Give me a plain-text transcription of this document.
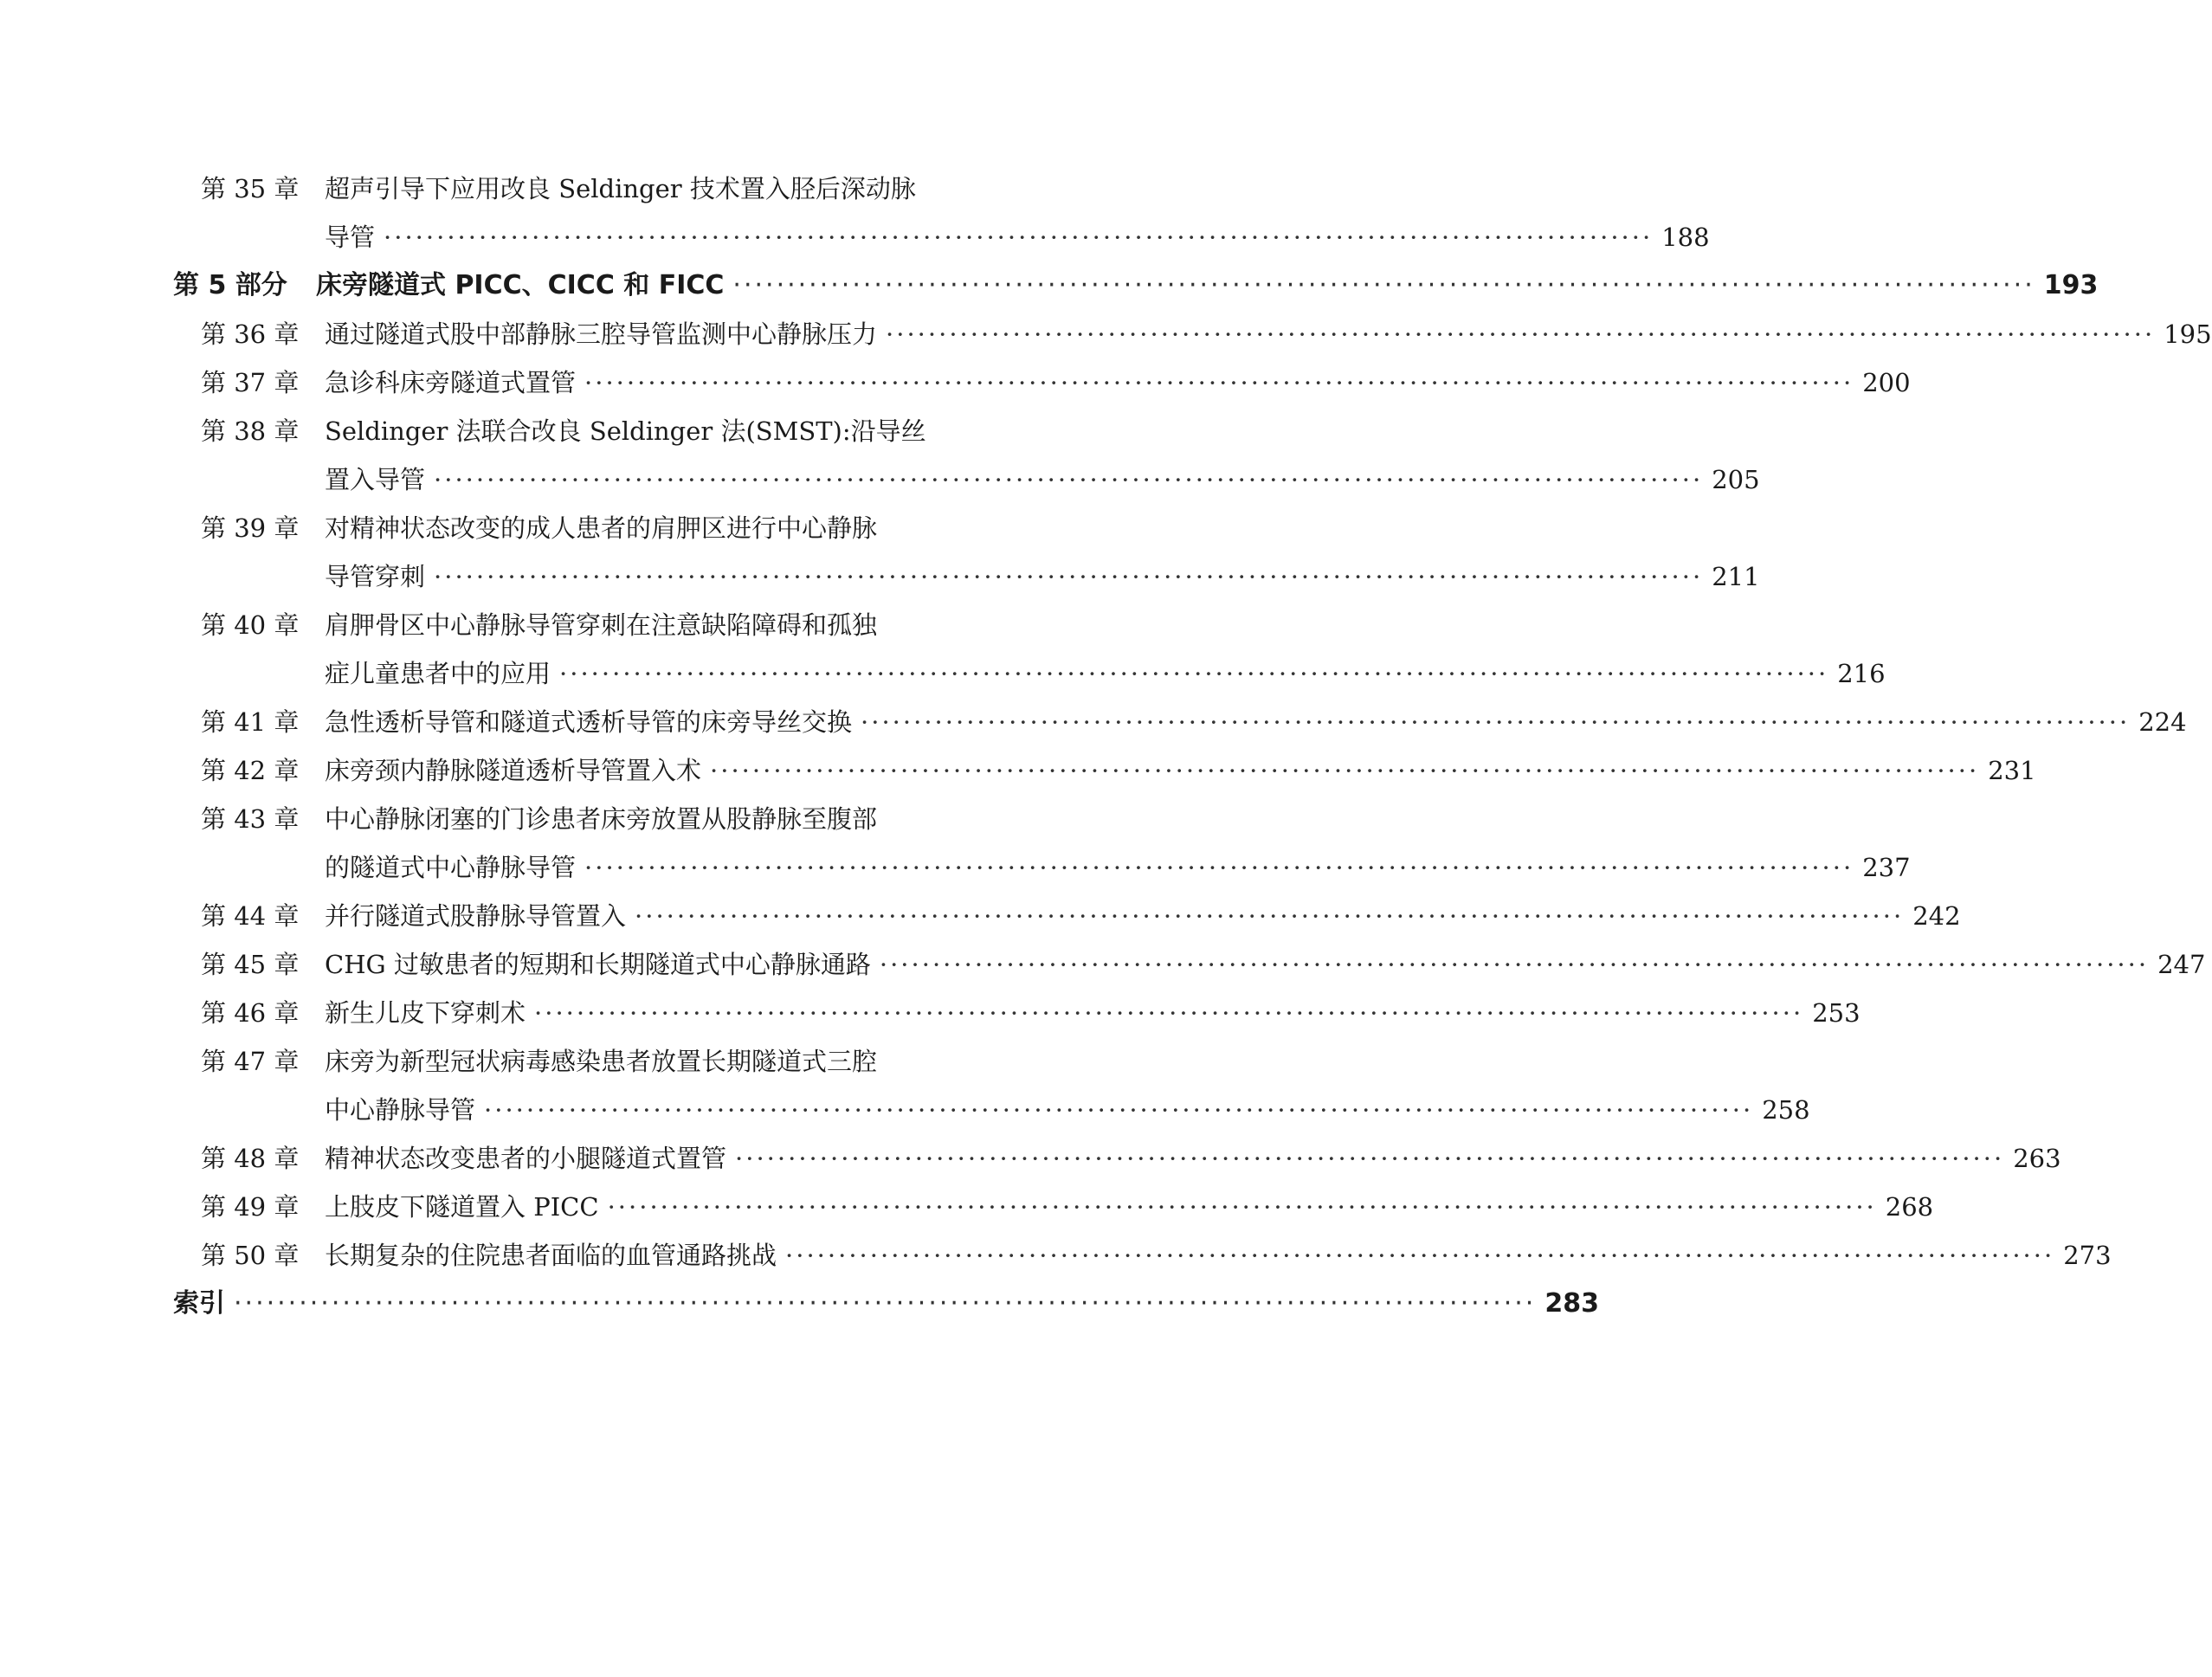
第 35 章	超声引导下应用改良 Seldinger 技术置入胫后深动脉
导管 ························································································································ 188
第 5 部分	床旁隧道式 PICC、CICC 和 FICC ························································································································ 193
第 36 章	通过隧道式股中部静脉三腔导管监测中心静脉压力 ························································································································ 195
第 37 章	急诊科床旁隧道式置管 ························································································································ 200
第 38 章	Seldinger 法联合改良 Seldinger 法(SMST):沿导丝
置入导管 ························································································································ 205
第 39 章	对精神状态改变的成人患者的肩胛区进行中心静脉
导管穿刺 ························································································································ 211
第 40 章	肩胛骨区中心静脉导管穿刺在注意缺陷障碍和孤独
症儿童患者中的应用 ························································································································ 216
第 41 章	急性透析导管和隧道式透析导管的床旁导丝交换 ························································································································ 224
第 42 章	床旁颈内静脉隧道透析导管置入术 ························································································································ 231
第 43 章	中心静脉闭塞的门诊患者床旁放置从股静脉至腹部
的隧道式中心静脉导管 ························································································································ 237
第 44 章	并行隧道式股静脉导管置入 ························································································································ 242
第 45 章	CHG 过敏患者的短期和长期隧道式中心静脉通路 ························································································································ 247
第 46 章	新生儿皮下穿刺术 ························································································································ 253
第 47 章	床旁为新型冠状病毒感染患者放置长期隧道式三腔
中心静脉导管 ························································································································ 258
第 48 章	精神状态改变患者的小腿隧道式置管 ························································································································ 263
第 49 章	上肢皮下隧道置入 PICC ························································································································ 268
第 50 章	长期复杂的住院患者面临的血管通路挑战 ························································································································ 273
索引 ························································································································ 283
